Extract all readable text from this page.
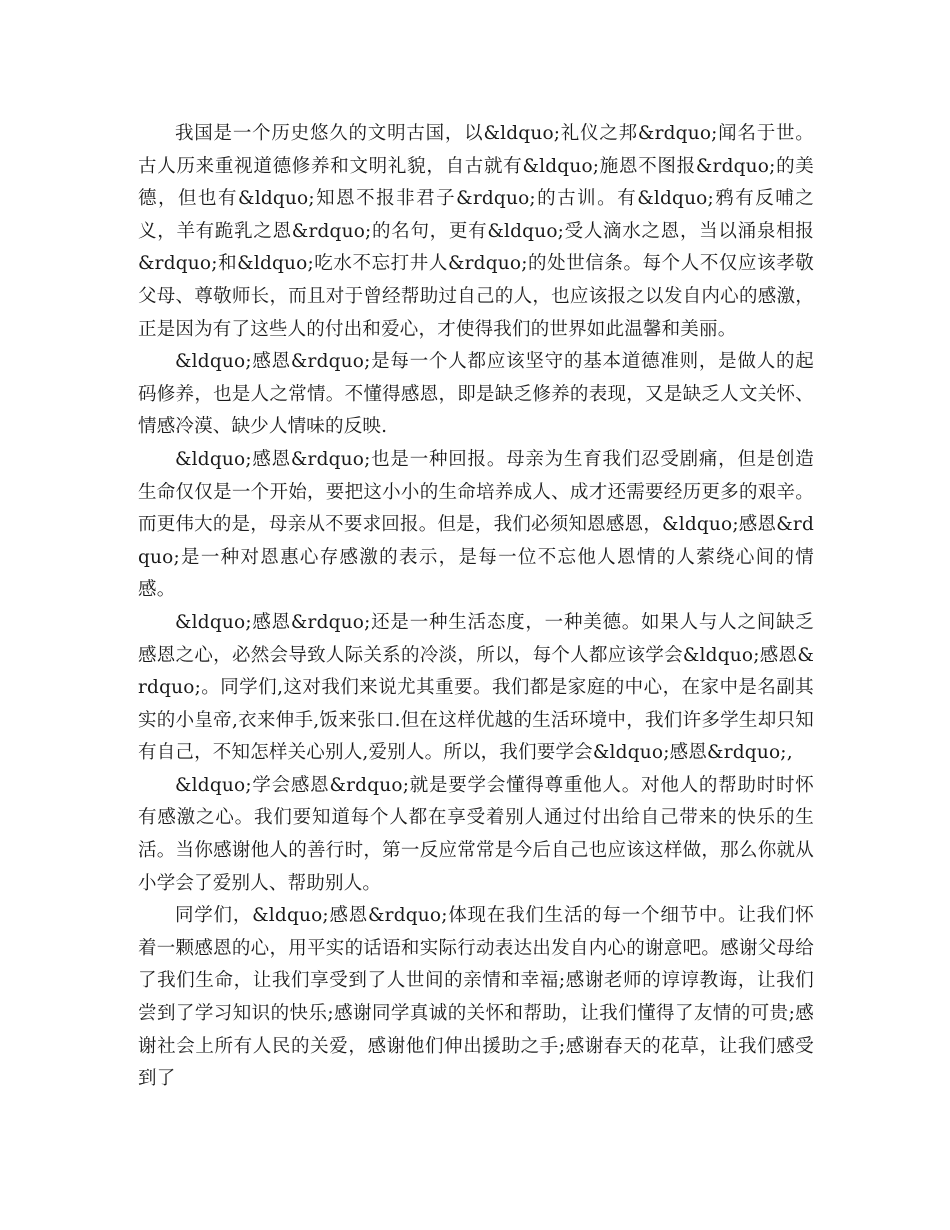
我国是一个历史悠久的文明古国，以&ldquo;礼仪之邦&rdquo;闻名于世。古人历来重视道德修养和文明礼貌，自古就有&ldquo;施恩不图报&rdquo;的美德，但也有&ldquo;知恩不报非君子&rdquo;的古训。有&ldquo;鸦有反哺之义，羊有跪乳之恩&rdquo;的名句，更有&ldquo;受人滴水之恩，当以涌泉相报&rdquo;和&ldquo;吃水不忘打井人&rdquo;的处世信条。每个人不仅应该孝敬父母、尊敬师长，而且对于曾经帮助过自己的人，也应该报之以发自内心的感激，正是因为有了这些人的付出和爱心，才使得我们的世界如此温馨和美丽。

&ldquo;感恩&rdquo;是每一个人都应该坚守的基本道德准则，是做人的起码修养，也是人之常情。不懂得感恩，即是缺乏修养的表现，又是缺乏人文关怀、情感冷漠、缺少人情味的反映.

&ldquo;感恩&rdquo;也是一种回报。母亲为生育我们忍受剧痛，但是创造生命仅仅是一个开始，要把这小小的生命培养成人、成才还需要经历更多的艰辛。而更伟大的是，母亲从不要求回报。但是，我们必须知恩感恩，&ldquo;感恩&rdquo;是一种对恩惠心存感激的表示，是每一位不忘他人恩情的人萦绕心间的情感。

&ldquo;感恩&rdquo;还是一种生活态度，一种美德。如果人与人之间缺乏感恩之心，必然会导致人际关系的冷淡，所以，每个人都应该学会&ldquo;感恩&rdquo;。同学们,这对我们来说尤其重要。我们都是家庭的中心，在家中是名副其实的小皇帝,衣来伸手,饭来张口.但在这样优越的生活环境中，我们许多学生却只知有自己，不知怎样关心别人,爱别人。所以，我们要学会&ldquo;感恩&rdquo;,

&ldquo;学会感恩&rdquo;就是要学会懂得尊重他人。对他人的帮助时时怀有感激之心。我们要知道每个人都在享受着别人通过付出给自己带来的快乐的生活。当你感谢他人的善行时，第一反应常常是今后自己也应该这样做，那么你就从小学会了爱别人、帮助别人。

同学们，&ldquo;感恩&rdquo;体现在我们生活的每一个细节中。让我们怀着一颗感恩的心，用平实的话语和实际行动表达出发自内心的谢意吧。感谢父母给了我们生命，让我们享受到了人世间的亲情和幸福;感谢老师的谆谆教诲，让我们尝到了学习知识的快乐;感谢同学真诚的关怀和帮助，让我们懂得了友情的可贵;感谢社会上所有人民的关爱，感谢他们伸出援助之手;感谢春天的花草，让我们感受到了
